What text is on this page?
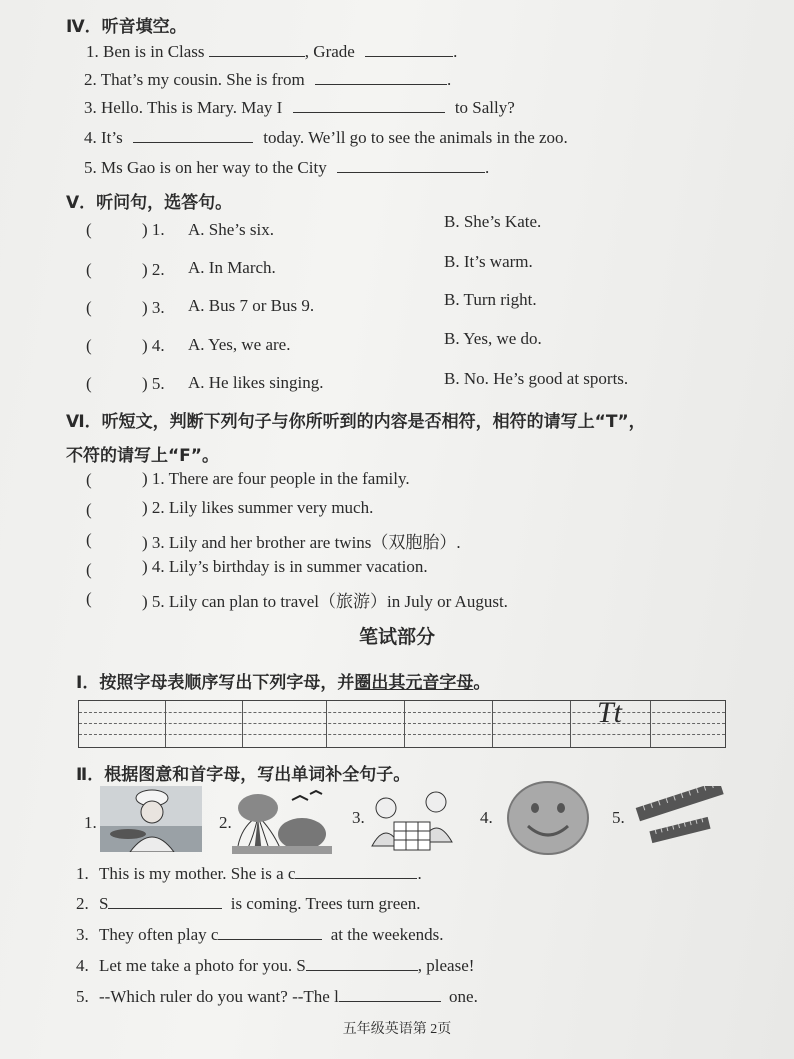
Ⅳ．听音填空。
1. Ben is in Class	, Grade	.
2. That’s my cousin. She is from	.
3. Hello. This is Mary. May I	to Sally?
4. It’s	today. We’ll go to see the animals in the zoo.
5. Ms Gao is on her way to the City	.
Ⅴ．听问句，选答句。
(	) 1. A. She’s six.	B. She’s Kate.
(	) 2. A. In March.	B. It’s warm.
(	) 3. A. Bus 7 or Bus 9.	B. Turn right.
(	) 4. A. Yes, we are.	B. Yes, we do.
(	) 5. A. He likes singing.	B. No. He’s good at sports.
Ⅵ．听短文，判断下列句子与你所听到的内容是否相符，相符的请写上“T”，
不符的请写上“F”。
(	) 1. There are four people in the family.
(	) 2. Lily likes summer very much.
(	) 3. Lily and her brother are twins（双胞胎）.
(	) 4. Lily’s birthday is in summer vacation.
(	) 5. Lily can plan to travel（旅游）in July or August.
笔试部分
Ⅰ．按照字母表顺序写出下列字母，并圈出其元音字母。
Tt
Ⅱ．根据图意和首字母，写出单词补全句子。
1.	2.	3.	4.	5.
1. This is my mother. She is a c	.
2. S	is coming. Trees turn green.
3. They often play c	at the weekends.
4. Let me take a photo for you. S	, please!
5. --Which ruler do you want? --The l	one.
五年级英语第 2页
